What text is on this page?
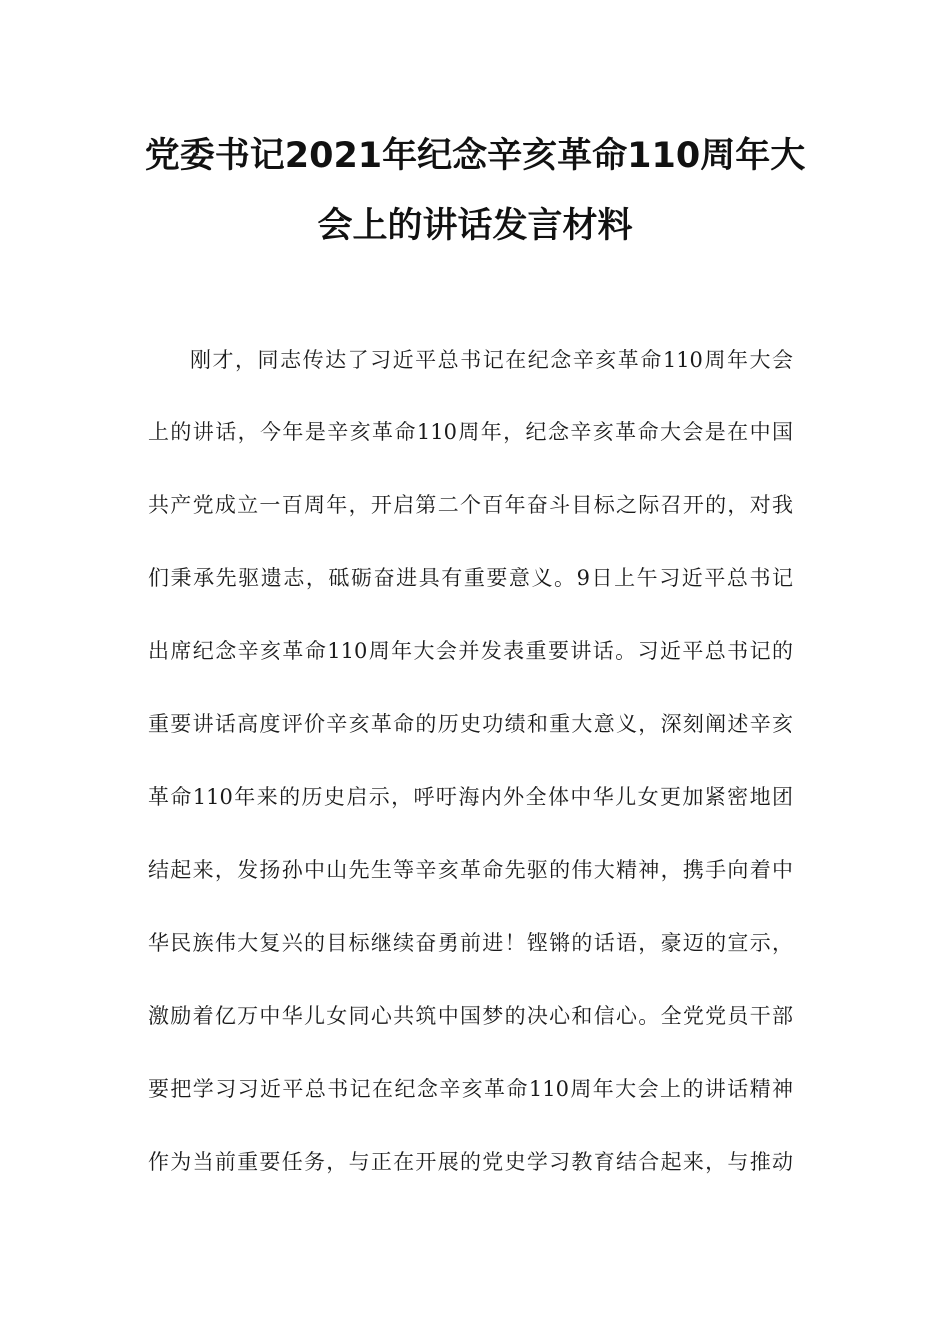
党委书记2021年纪念辛亥革命110周年大
会上的讲话发言材料
刚才，同志传达了习近平总书记在纪念辛亥革命110周年大会
上的讲话，今年是辛亥革命110周年，纪念辛亥革命大会是在中国
共产党成立一百周年，开启第二个百年奋斗目标之际召开的，对我
们秉承先驱遗志，砥砺奋进具有重要意义。9日上午习近平总书记
出席纪念辛亥革命110周年大会并发表重要讲话。习近平总书记的
重要讲话高度评价辛亥革命的历史功绩和重大意义，深刻阐述辛亥
革命110年来的历史启示，呼吁海内外全体中华儿女更加紧密地团
结起来，发扬孙中山先生等辛亥革命先驱的伟大精神，携手向着中
华民族伟大复兴的目标继续奋勇前进！铿锵的话语，豪迈的宣示，
激励着亿万中华儿女同心共筑中国梦的决心和信心。全党党员干部
要把学习习近平总书记在纪念辛亥革命110周年大会上的讲话精神
作为当前重要任务，与正在开展的党史学习教育结合起来，与推动
